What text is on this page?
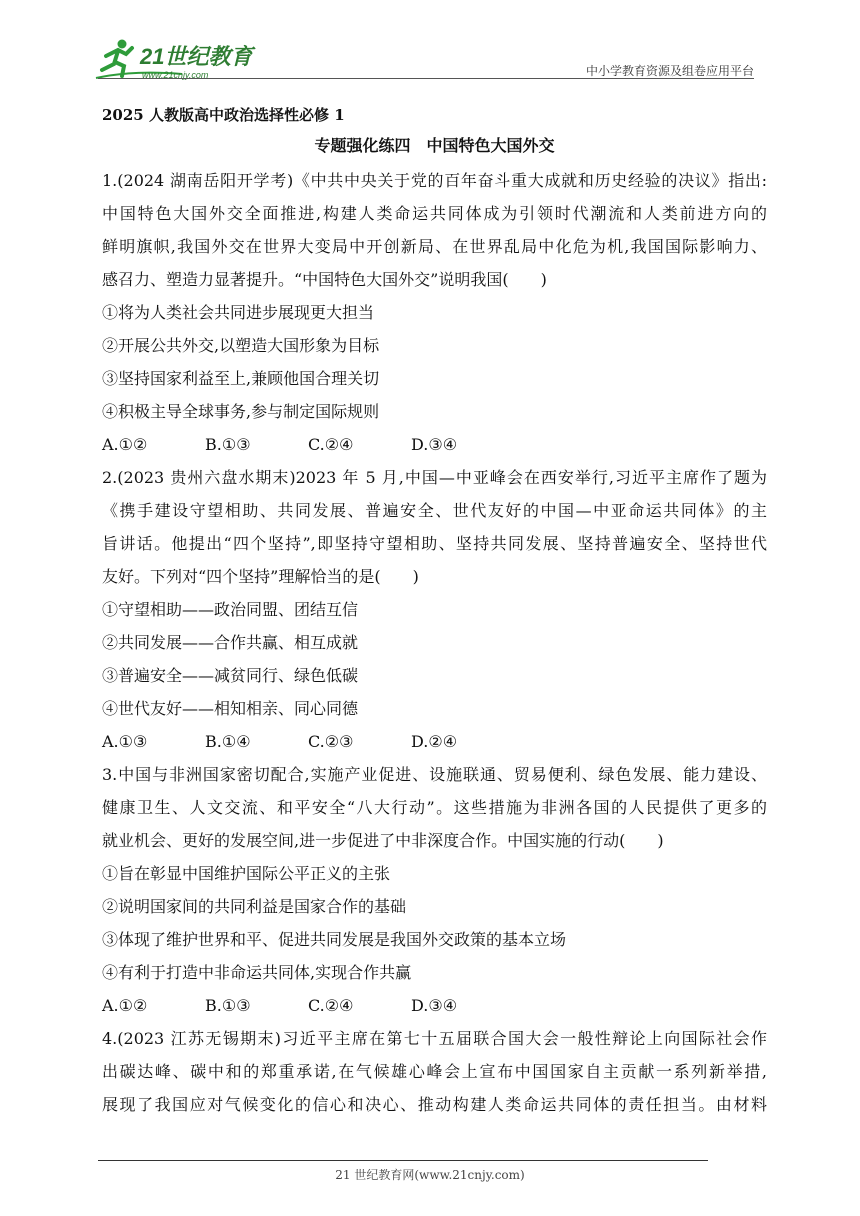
21世纪教育
www.21cnjy.com	中小学教育资源及组卷应用平台
2025 人教版高中政治选择性必修 1
专题强化练四　中国特色大国外交
1.(2024 湖南岳阳开学考)《中共中央关于党的百年奋斗重大成就和历史经验的决议》指出:
中国特色大国外交全面推进,构建人类命运共同体成为引领时代潮流和人类前进方向的
鲜明旗帜,我国外交在世界大变局中开创新局、在世界乱局中化危为机,我国国际影响力、
感召力、塑造力显著提升。“中国特色大国外交”说明我国(　　)
①将为人类社会共同进步展现更大担当
②开展公共外交,以塑造大国形象为目标
③坚持国家利益至上,兼顾他国合理关切
④积极主导全球事务,参与制定国际规则
A.①②	B.①③	C.②④	D.③④
2.(2023 贵州六盘水期末)2023 年 5 月,中国—中亚峰会在西安举行,习近平主席作了题为
《携手建设守望相助、共同发展、普遍安全、世代友好的中国—中亚命运共同体》的主
旨讲话。他提出“四个坚持”,即坚持守望相助、坚持共同发展、坚持普遍安全、坚持世代
友好。下列对“四个坚持”理解恰当的是(　　)
①守望相助——政治同盟、团结互信
②共同发展——合作共赢、相互成就
③普遍安全——减贫同行、绿色低碳
④世代友好——相知相亲、同心同德
A.①③	B.①④	C.②③	D.②④
3.中国与非洲国家密切配合,实施产业促进、设施联通、贸易便利、绿色发展、能力建设、
健康卫生、人文交流、和平安全“八大行动”。这些措施为非洲各国的人民提供了更多的
就业机会、更好的发展空间,进一步促进了中非深度合作。中国实施的行动(　　)
①旨在彰显中国维护国际公平正义的主张
②说明国家间的共同利益是国家合作的基础
③体现了维护世界和平、促进共同发展是我国外交政策的基本立场
④有利于打造中非命运共同体,实现合作共赢
A.①②	B.①③	C.②④	D.③④
4.(2023 江苏无锡期末)习近平主席在第七十五届联合国大会一般性辩论上向国际社会作
出碳达峰、碳中和的郑重承诺,在气候雄心峰会上宣布中国国家自主贡献一系列新举措,
展现了我国应对气候变化的信心和决心、推动构建人类命运共同体的责任担当。由材料
21 世纪教育网(www.21cnjy.com)
